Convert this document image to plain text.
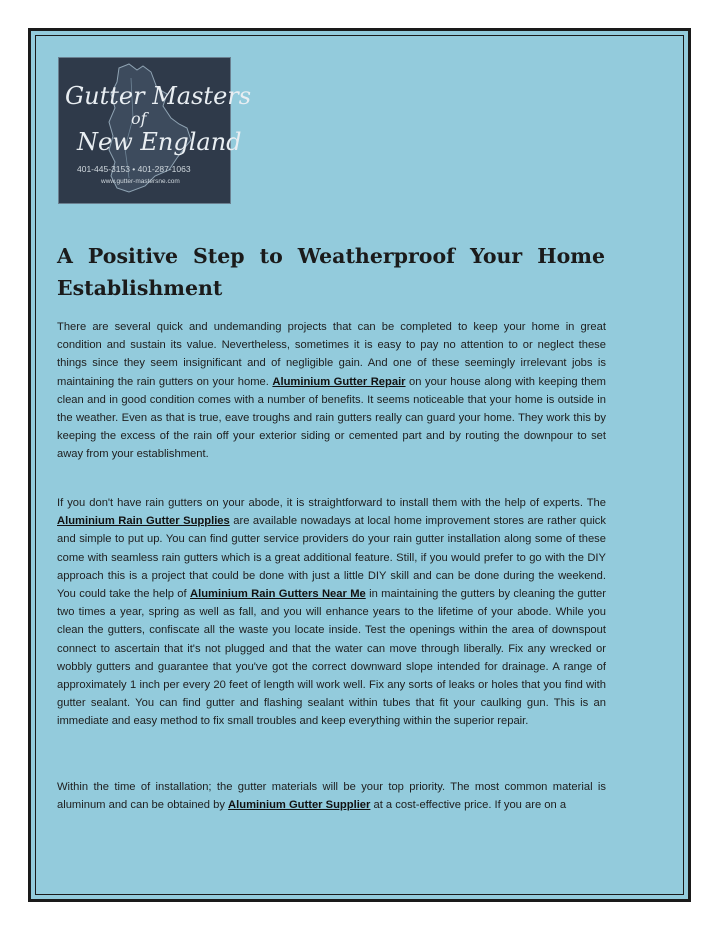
Gutter Masters
of
New England
401-445-3153 • 401-287-1063
www.gutter-mastersne.com
A Positive Step to Weatherproof Your Home Establishment

There are several quick and undemanding projects that can be completed to keep your home in great condition and sustain its value. Nevertheless, sometimes it is easy to pay no attention to or neglect these things since they seem insignificant and of negligible gain. And one of these seemingly irrelevant jobs is maintaining the rain gutters on your home. Aluminium Gutter Repair on your house along with keeping them clean and in good condition comes with a number of benefits. It seems noticeable that your home is outside in the weather. Even as that is true, eave troughs and rain gutters really can guard your home. They work this by keeping the excess of the rain off your exterior siding or cemented part and by routing the downpour to set away from your establishment.

If you don't have rain gutters on your abode, it is straightforward to install them with the help of experts. The Aluminium Rain Gutter Supplies are available nowadays at local home improvement stores are rather quick and simple to put up. You can find gutter service providers do your rain gutter installation along some of these come with seamless rain gutters which is a great additional feature. Still, if you would prefer to go with the DIY approach this is a project that could be done with just a little DIY skill and can be done during the weekend. You could take the help of Aluminium Rain Gutters Near Me in maintaining the gutters by cleaning the gutter two times a year, spring as well as fall, and you will enhance years to the lifetime of your abode. While you clean the gutters, confiscate all the waste you locate inside. Test the openings within the area of downspout connect to ascertain that it's not plugged and that the water can move through liberally. Fix any wrecked or wobbly gutters and guarantee that you've got the correct downward slope intended for drainage. A range of approximately 1 inch per every 20 feet of length will work well. Fix any sorts of leaks or holes that you find with gutter sealant. You can find gutter and flashing sealant within tubes that fit your caulking gun. This is an immediate and easy method to fix small troubles and keep everything within the superior repair.

Within the time of installation; the gutter materials will be your top priority. The most common material is aluminum and can be obtained by Aluminium Gutter Supplier at a cost-effective price. If you are on a
